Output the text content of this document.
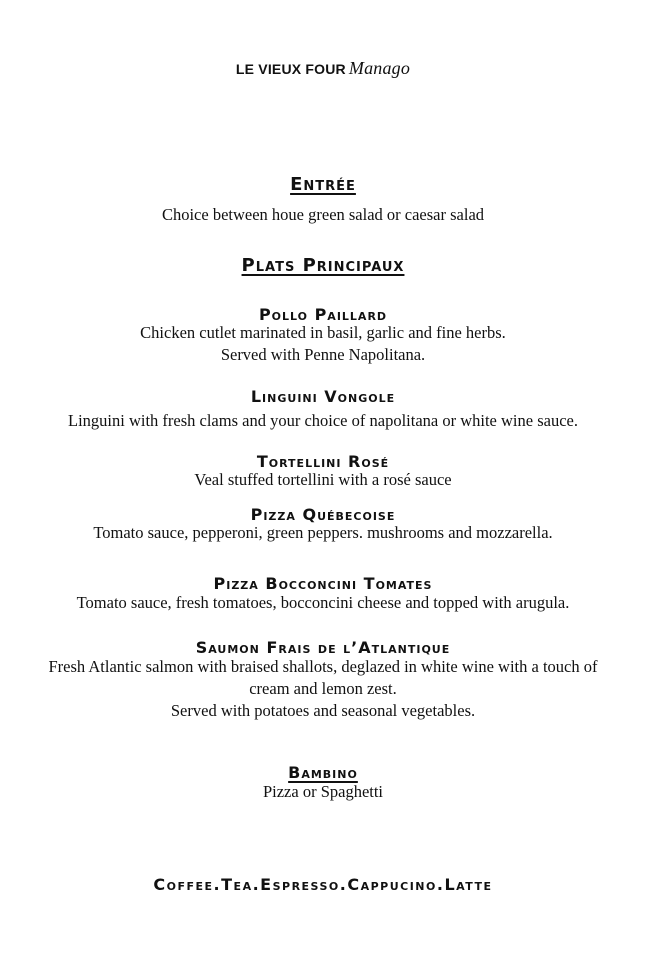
LE VIEUX FOUR Manago
Entrée
Choice between houe green salad or caesar salad
Plats Principaux
Pollo Paillard
Chicken cutlet marinated in basil, garlic and fine herbs.
Served with Penne Napolitana.
Linguini Vongole
Linguini with fresh clams and your choice of napolitana or white wine sauce.
Tortellini Rosé
Veal stuffed tortellini with a rosé sauce
Pizza Québecoise
Tomato sauce, pepperoni, green peppers. mushrooms and mozzarella.
Pizza Bocconcini Tomates
Tomato sauce, fresh tomatoes, bocconcini cheese and topped with arugula.
Saumon Frais de l’Atlantique
Fresh Atlantic salmon with braised shallots, deglazed in white wine with a touch of
cream and lemon zest.
Served with potatoes and seasonal vegetables.
Bambino
Pizza or Spaghetti
Coffee.Tea.Espresso.Cappucino.Latte
